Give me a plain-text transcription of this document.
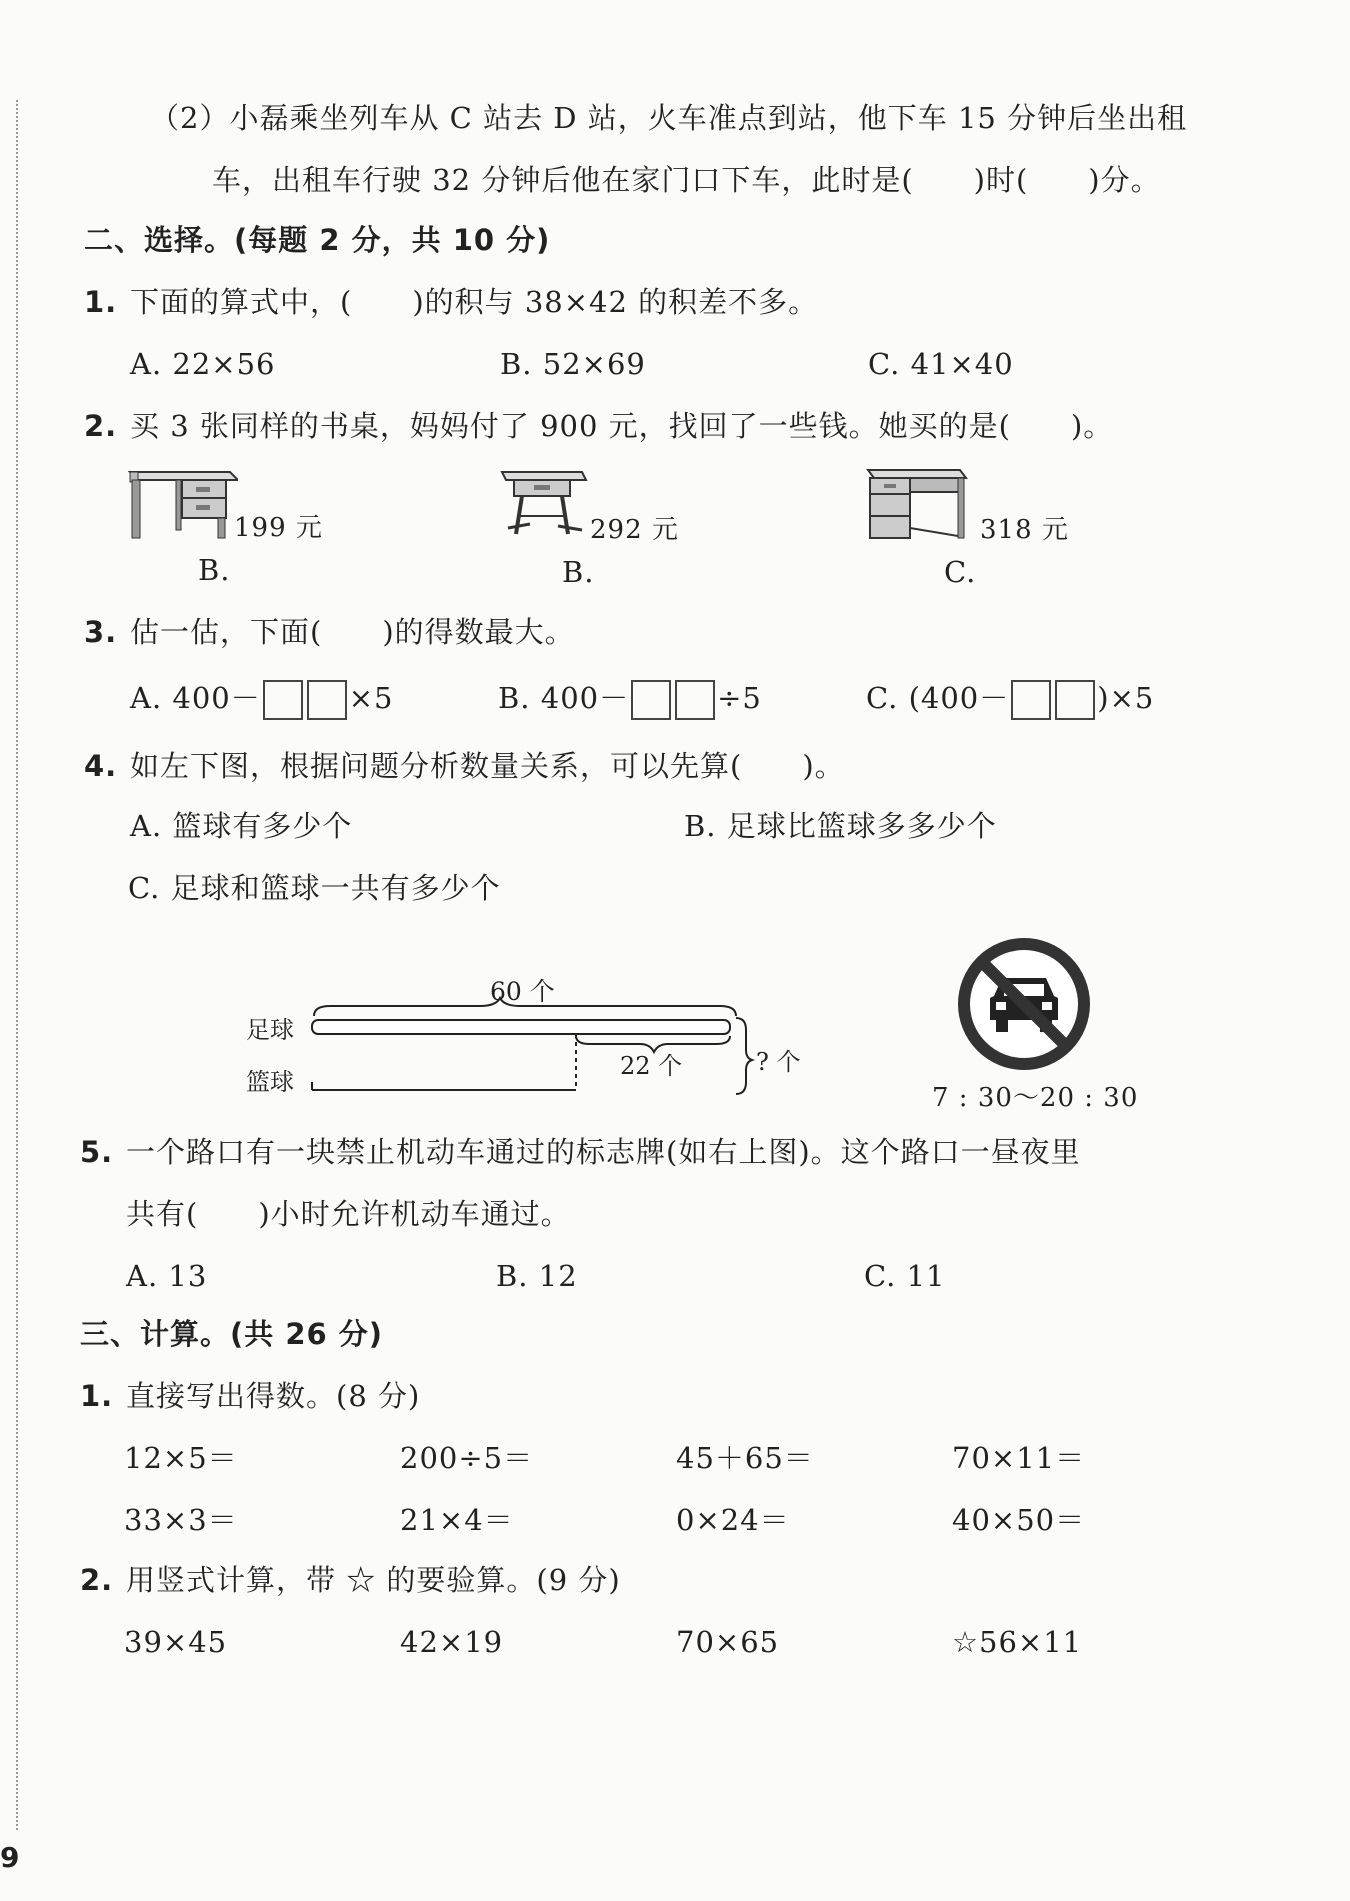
（2）小磊乘坐列车从 C 站去 D 站，火车准点到站，他下车 15 分钟后坐出租
车，出租车行驶 32 分钟后他在家门口下车，此时是(　　)时(　　)分。
二、选择。(每题 2 分，共 10 分)
1. 下面的算式中，(　　)的积与 38×42 的积差不多。
A. 22×56	B. 52×69	C. 41×40
2. 买 3 张同样的书桌，妈妈付了 900 元，找回了一些钱。她买的是(　　)。
199 元
B.
292 元
B.
318 元
C.
3. 估一估，下面(　　)的得数最大。
A. 400－	×5	B. 400－	÷5	C. (400－	)×5
4. 如左下图，根据问题分析数量关系，可以先算(　　)。
A. 篮球有多少个	B. 足球比篮球多多少个
C. 足球和篮球一共有多少个
60 个
足球
22 个
篮球
? 个
7 : 30～20 : 30
5. 一个路口有一块禁止机动车通过的标志牌(如右上图)。这个路口一昼夜里
共有(　　)小时允许机动车通过。
A. 13	B. 12	C. 11
三、计算。(共 26 分)
1. 直接写出得数。(8 分)
12×5＝	200÷5＝	45＋65＝	70×11＝
33×3＝	21×4＝	0×24＝	40×50＝
2. 用竖式计算，带 ☆ 的要验算。(9 分)
39×45	42×19	70×65	☆56×11
9
